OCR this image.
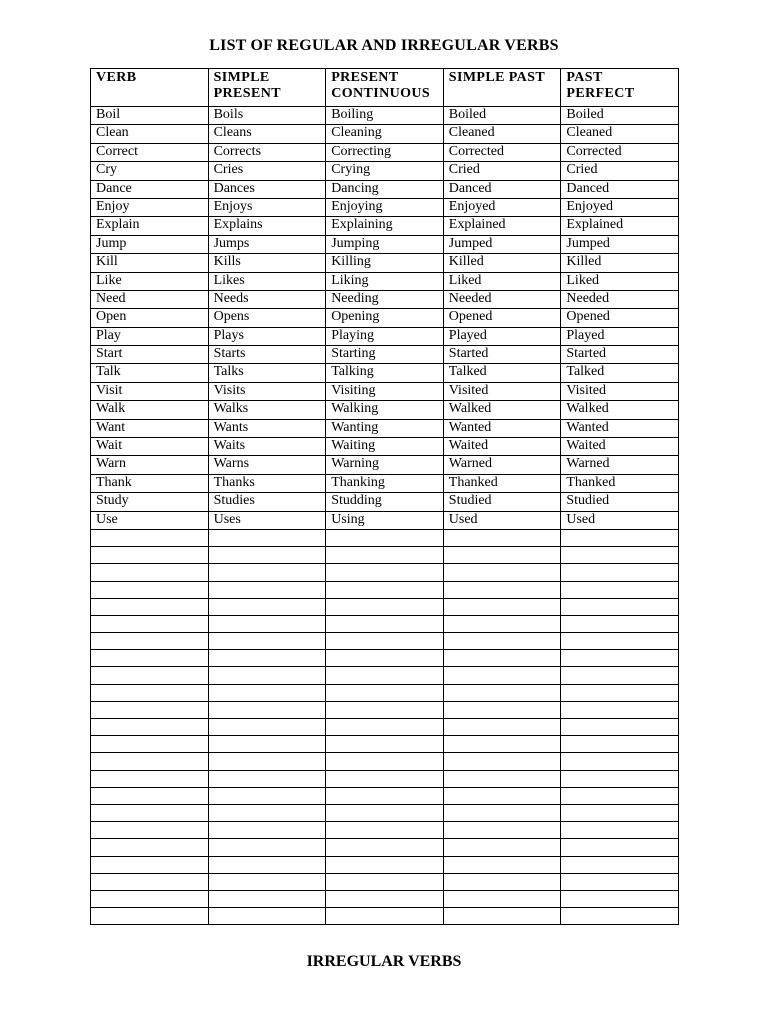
LIST OF REGULAR AND IRREGULAR VERBS
VERB	SIMPLE PRESENT	PRESENT CONTINUOUS	SIMPLE PAST	PAST PERFECT
Boil	Boils	Boiling	Boiled	Boiled
Clean	Cleans	Cleaning	Cleaned	Cleaned
Correct	Corrects	Correcting	Corrected	Corrected
Cry	Cries	Crying	Cried	Cried
Dance	Dances	Dancing	Danced	Danced
Enjoy	Enjoys	Enjoying	Enjoyed	Enjoyed
Explain	Explains	Explaining	Explained	Explained
Jump	Jumps	Jumping	Jumped	Jumped
Kill	Kills	Killing	Killed	Killed
Like	Likes	Liking	Liked	Liked
Need	Needs	Needing	Needed	Needed
Open	Opens	Opening	Opened	Opened
Play	Plays	Playing	Played	Played
Start	Starts	Starting	Started	Started
Talk	Talks	Talking	Talked	Talked
Visit	Visits	Visiting	Visited	Visited
Walk	Walks	Walking	Walked	Walked
Want	Wants	Wanting	Wanted	Wanted
Wait	Waits	Waiting	Waited	Waited
Warn	Warns	Warning	Warned	Warned
Thank	Thanks	Thanking	Thanked	Thanked
Study	Studies	Studding	Studied	Studied
Use	Uses	Using	Used	Used

IRREGULAR VERBS
